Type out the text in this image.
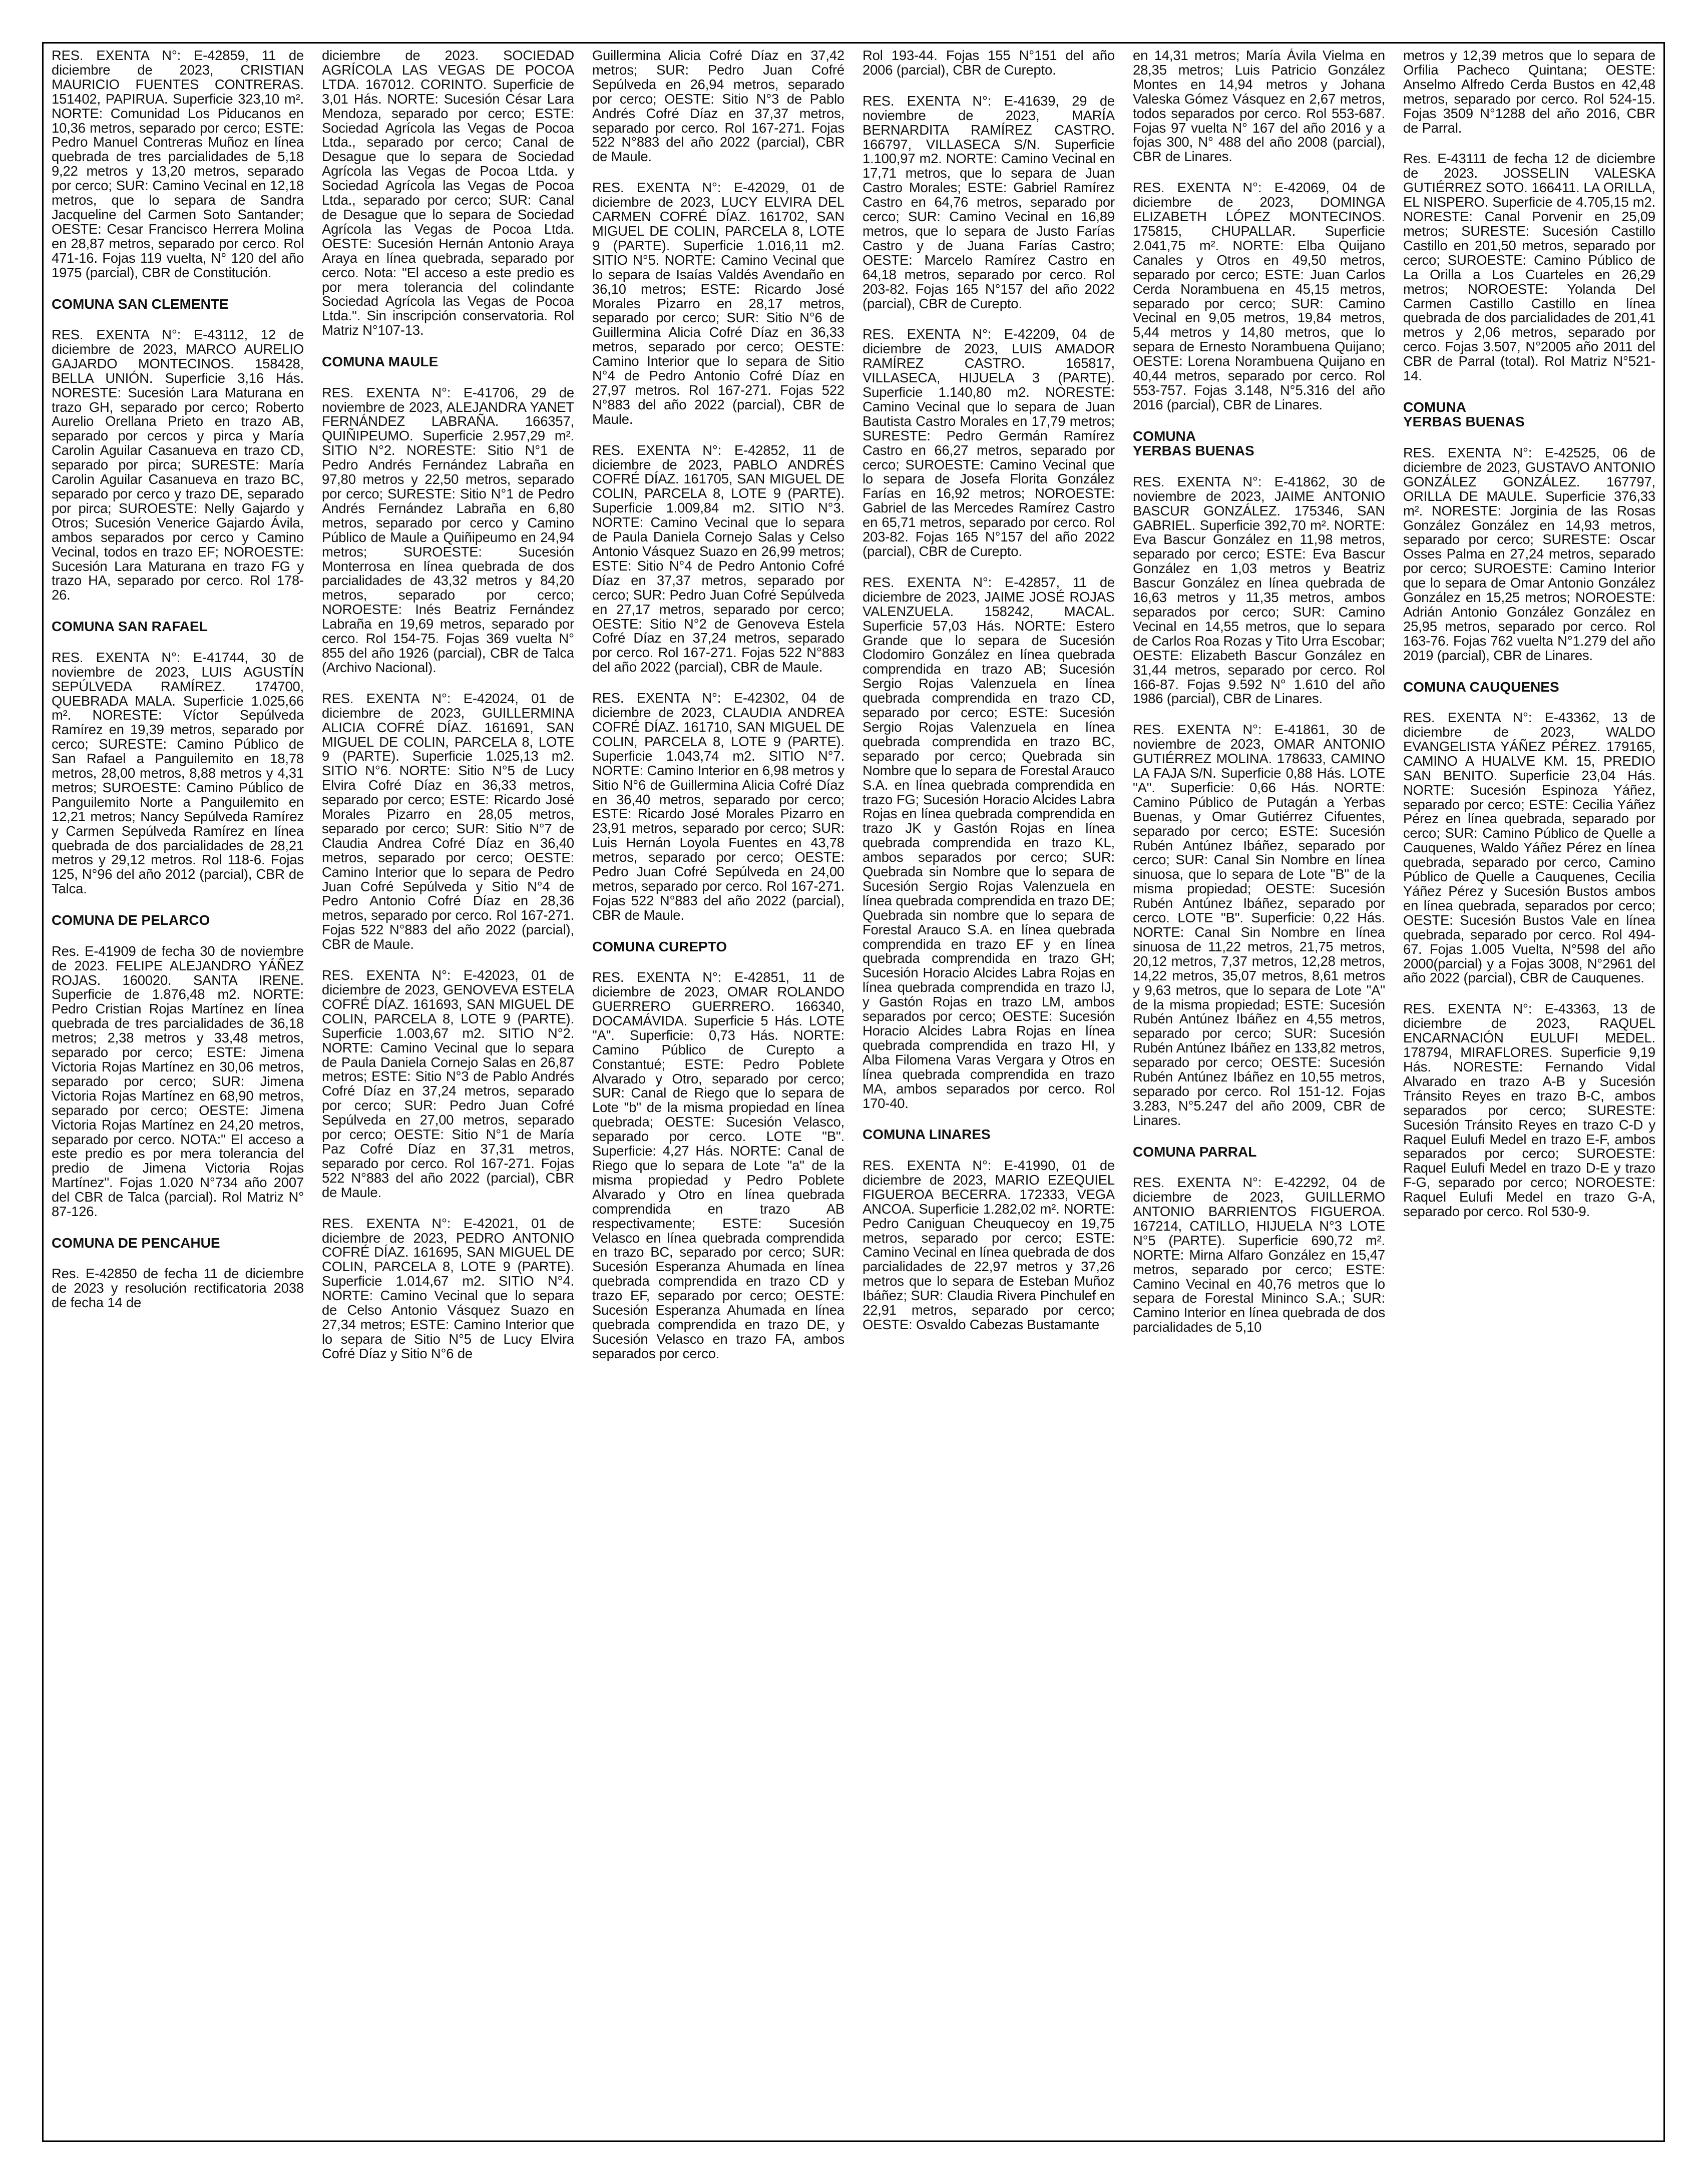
RES. EXENTA N°: E-42859, 11 de diciembre de 2023, CRISTIAN MAURICIO FUENTES CONTRERAS. 151402, PAPIRUA. Superficie 323,10 m². NORTE: Comunidad Los Piducanos en 10,36 metros, separado por cerco; ESTE: Pedro Manuel Contreras Muñoz en línea quebrada de tres parcialidades de 5,18 9,22 metros y 13,20 metros, separado por cerco; SUR: Camino Vecinal en 12,18 metros, que lo separa de Sandra Jacqueline del Carmen Soto Santander; OESTE: Cesar Francisco Herrera Molina en 28,87 metros, separado por cerco. Rol 471-16. Fojas 119 vuelta, N° 120 del año 1975 (parcial), CBR de Constitución.
COMUNA SAN CLEMENTE
RES. EXENTA N°: E-43112, 12 de diciembre de 2023, MARCO AURELIO GAJARDO MONTECINOS. 158428, BELLA UNIÓN. Superficie 3,16 Hás. NORESTE: Sucesión Lara Maturana en trazo GH, separado por cerco; Roberto Aurelio Orellana Prieto en trazo AB, separado por cercos y pirca y María Carolin Aguilar Casanueva en trazo CD, separado por pirca; SURESTE: María Carolin Aguilar Casanueva en trazo BC, separado por cerco y trazo DE, separado por pirca; SUROESTE: Nelly Gajardo y Otros; Sucesión Venerice Gajardo Ávila, ambos separados por cerco y Camino Vecinal, todos en trazo EF; NOROESTE: Sucesión Lara Maturana en trazo FG y trazo HA, separado por cerco. Rol 178-26.
COMUNA SAN RAFAEL
RES. EXENTA N°: E-41744, 30 de noviembre de 2023, LUIS AGUSTÍN SEPÚLVEDA RAMÍREZ. 174700, QUEBRADA MALA. Superficie 1.025,66 m². NORESTE: Víctor Sepúlveda Ramírez en 19,39 metros, separado por cerco; SURESTE: Camino Público de San Rafael a Panguilemito en 18,78 metros, 28,00 metros, 8,88 metros y 4,31 metros; SUROESTE: Camino Público de Panguilemito Norte a Panguilemito en 12,21 metros; Nancy Sepúlveda Ramírez y Carmen Sepúlveda Ramírez en línea quebrada de dos parcialidades de 28,21 metros y 29,12 metros. Rol 118-6. Fojas 125, N°96 del año 2012 (parcial), CBR de Talca.
COMUNA DE PELARCO
Res. E-41909 de fecha 30 de noviembre de 2023. FELIPE ALEJANDRO YÁÑEZ ROJAS. 160020. SANTA IRENE. Superficie de 1.876,48 m2. NORTE: Pedro Cristian Rojas Martínez en línea quebrada de tres parcialidades de 36,18 metros; 2,38 metros y 33,48 metros, separado por cerco; ESTE: Jimena Victoria Rojas Martínez en 30,06 metros, separado por cerco; SUR: Jimena Victoria Rojas Martínez en 68,90 metros, separado por cerco; OESTE: Jimena Victoria Rojas Martínez en 24,20 metros, separado por cerco. NOTA:" El acceso a este predio es por mera tolerancia del predio de Jimena Victoria Rojas Martínez". Fojas 1.020 N°734 año 2007 del CBR de Talca (parcial). Rol Matriz N° 87-126.
COMUNA DE PENCAHUE
Res. E-42850 de fecha 11 de diciembre de 2023 y resolución rectificatoria 2038 de fecha 14 de
diciembre de 2023. SOCIEDAD AGRÍCOLA LAS VEGAS DE POCOA LTDA. 167012. CORINTO. Superficie de 3,01 Hás. NORTE: Sucesión César Lara Mendoza, separado por cerco; ESTE: Sociedad Agrícola las Vegas de Pocoa Ltda., separado por cerco; Canal de Desague que lo separa de Sociedad Agrícola las Vegas de Pocoa Ltda. y Sociedad Agrícola las Vegas de Pocoa Ltda., separado por cerco; SUR: Canal de Desague que lo separa de Sociedad Agrícola las Vegas de Pocoa Ltda. OESTE: Sucesión Hernán Antonio Araya Araya en línea quebrada, separado por cerco. Nota: "El acceso a este predio es por mera tolerancia del colindante Sociedad Agrícola las Vegas de Pocoa Ltda.". Sin inscripción conservatoria. Rol Matriz N°107-13.
COMUNA MAULE
RES. EXENTA N°: E-41706, 29 de noviembre de 2023, ALEJANDRA YANET FERNÁNDEZ LABRAÑA. 166357, QUIÑIPEUMO. Superficie 2.957,29 m². SITIO N°2. NORESTE: Sitio N°1 de Pedro Andrés Fernández Labraña en 97,80 metros y 22,50 metros, separado por cerco; SURESTE: Sitio N°1 de Pedro Andrés Fernández Labraña en 6,80 metros, separado por cerco y Camino Público de Maule a Quiñipeumo en 24,94 metros; SUROESTE: Sucesión Monterrosa en línea quebrada de dos parcialidades de 43,32 metros y 84,20 metros, separado por cerco; NOROESTE: Inés Beatriz Fernández Labraña en 19,69 metros, separado por cerco. Rol 154-75. Fojas 369 vuelta N° 855 del año 1926 (parcial), CBR de Talca (Archivo Nacional).
RES. EXENTA N°: E-42024, 01 de diciembre de 2023, GUILLERMINA ALICIA COFRÉ DÍAZ. 161691, SAN MIGUEL DE COLIN, PARCELA 8, LOTE 9 (PARTE). Superficie 1.025,13 m2. SITIO N°6. NORTE: Sitio N°5 de Lucy Elvira Cofré Díaz en 36,33 metros, separado por cerco; ESTE: Ricardo José Morales Pizarro en 28,05 metros, separado por cerco; SUR: Sitio N°7 de Claudia Andrea Cofré Díaz en 36,40 metros, separado por cerco; OESTE: Camino Interior que lo separa de Pedro Juan Cofré Sepúlveda y Sitio N°4 de Pedro Antonio Cofré Díaz en 28,36 metros, separado por cerco. Rol 167-271. Fojas 522 N°883 del año 2022 (parcial), CBR de Maule.
RES. EXENTA N°: E-42023, 01 de diciembre de 2023, GENOVEVA ESTELA COFRÉ DÍAZ. 161693, SAN MIGUEL DE COLIN, PARCELA 8, LOTE 9 (PARTE). Superficie 1.003,67 m2. SITIO N°2. NORTE: Camino Vecinal que lo separa de Paula Daniela Cornejo Salas en 26,87 metros; ESTE: Sitio N°3 de Pablo Andrés Cofré Díaz en 37,24 metros, separado por cerco; SUR: Pedro Juan Cofré Sepúlveda en 27,00 metros, separado por cerco; OESTE: Sitio N°1 de María Paz Cofré Díaz en 37,31 metros, separado por cerco. Rol 167-271. Fojas 522 N°883 del año 2022 (parcial), CBR de Maule.
RES. EXENTA N°: E-42021, 01 de diciembre de 2023, PEDRO ANTONIO COFRÉ DÍAZ. 161695, SAN MIGUEL DE COLIN, PARCELA 8, LOTE 9 (PARTE). Superficie 1.014,67 m2. SITIO N°4. NORTE: Camino Vecinal que lo separa de Celso Antonio Vásquez Suazo en 27,34 metros; ESTE: Camino Interior que lo separa de Sitio N°5 de Lucy Elvira Cofré Díaz y Sitio N°6 de
Guillermina Alicia Cofré Díaz en 37,42 metros; SUR: Pedro Juan Cofré Sepúlveda en 26,94 metros, separado por cerco; OESTE: Sitio N°3 de Pablo Andrés Cofré Díaz en 37,37 metros, separado por cerco. Rol 167-271. Fojas 522 N°883 del año 2022 (parcial), CBR de Maule.
RES. EXENTA N°: E-42029, 01 de diciembre de 2023, LUCY ELVIRA DEL CARMEN COFRÉ DÍAZ. 161702, SAN MIGUEL DE COLIN, PARCELA 8, LOTE 9 (PARTE). Superficie 1.016,11 m2. SITIO N°5. NORTE: Camino Vecinal que lo separa de Isaías Valdés Avendaño en 36,10 metros; ESTE: Ricardo José Morales Pizarro en 28,17 metros, separado por cerco; SUR: Sitio N°6 de Guillermina Alicia Cofré Díaz en 36,33 metros, separado por cerco; OESTE: Camino Interior que lo separa de Sitio N°4 de Pedro Antonio Cofré Díaz en 27,97 metros. Rol 167-271. Fojas 522 N°883 del año 2022 (parcial), CBR de Maule.
RES. EXENTA N°: E-42852, 11 de diciembre de 2023, PABLO ANDRÉS COFRÉ DÍAZ. 161705, SAN MIGUEL DE COLIN, PARCELA 8, LOTE 9 (PARTE). Superficie 1.009,84 m2. SITIO N°3. NORTE: Camino Vecinal que lo separa de Paula Daniela Cornejo Salas y Celso Antonio Vásquez Suazo en 26,99 metros; ESTE: Sitio N°4 de Pedro Antonio Cofré Díaz en 37,37 metros, separado por cerco; SUR: Pedro Juan Cofré Sepúlveda en 27,17 metros, separado por cerco; OESTE: Sitio N°2 de Genoveva Estela Cofré Díaz en 37,24 metros, separado por cerco. Rol 167-271. Fojas 522 N°883 del año 2022 (parcial), CBR de Maule.
RES. EXENTA N°: E-42302, 04 de diciembre de 2023, CLAUDIA ANDREA COFRÉ DÍAZ. 161710, SAN MIGUEL DE COLIN, PARCELA 8, LOTE 9 (PARTE). Superficie 1.043,74 m2. SITIO N°7. NORTE: Camino Interior en 6,98 metros y Sitio N°6 de Guillermina Alicia Cofré Díaz en 36,40 metros, separado por cerco; ESTE: Ricardo José Morales Pizarro en 23,91 metros, separado por cerco; SUR: Luis Hernán Loyola Fuentes en 43,78 metros, separado por cerco; OESTE: Pedro Juan Cofré Sepúlveda en 24,00 metros, separado por cerco. Rol 167-271. Fojas 522 N°883 del año 2022 (parcial), CBR de Maule.
COMUNA CUREPTO
RES. EXENTA N°: E-42851, 11 de diciembre de 2023, OMAR ROLANDO GUERRERO GUERRERO. 166340, DOCAMÁVIDA. Superficie 5 Hás. LOTE "A". Superficie: 0,73 Hás. NORTE: Camino Público de Curepto a Constantué; ESTE: Pedro Poblete Alvarado y Otro, separado por cerco; SUR: Canal de Riego que lo separa de Lote "b" de la misma propiedad en línea quebrada; OESTE: Sucesión Velasco, separado por cerco. LOTE "B". Superficie: 4,27 Hás. NORTE: Canal de Riego que lo separa de Lote "a" de la misma propiedad y Pedro Poblete Alvarado y Otro en línea quebrada comprendida en trazo AB respectivamente; ESTE: Sucesión Velasco en línea quebrada comprendida en trazo BC, separado por cerco; SUR: Sucesión Esperanza Ahumada en línea quebrada comprendida en trazo CD y trazo EF, separado por cerco; OESTE: Sucesión Esperanza Ahumada en línea quebrada comprendida en trazo DE, y Sucesión Velasco en trazo FA, ambos separados por cerco.
Rol 193-44. Fojas 155 N°151 del año 2006 (parcial), CBR de Curepto.
RES. EXENTA N°: E-41639, 29 de noviembre de 2023, MARÍA BERNARDITA RAMÍREZ CASTRO. 166797, VILLASECA S/N. Superficie 1.100,97 m2. NORTE: Camino Vecinal en 17,71 metros, que lo separa de Juan Castro Morales; ESTE: Gabriel Ramírez Castro en 64,76 metros, separado por cerco; SUR: Camino Vecinal en 16,89 metros, que lo separa de Justo Farías Castro y de Juana Farías Castro; OESTE: Marcelo Ramírez Castro en 64,18 metros, separado por cerco. Rol 203-82. Fojas 165 N°157 del año 2022 (parcial), CBR de Curepto.
RES. EXENTA N°: E-42209, 04 de diciembre de 2023, LUIS AMADOR RAMÍREZ CASTRO. 165817, VILLASECA, HIJUELA 3 (PARTE). Superficie 1.140,80 m2. NORESTE: Camino Vecinal que lo separa de Juan Bautista Castro Morales en 17,79 metros; SURESTE: Pedro Germán Ramírez Castro en 66,27 metros, separado por cerco; SUROESTE: Camino Vecinal que lo separa de Josefa Florita González Farías en 16,92 metros; NOROESTE: Gabriel de las Mercedes Ramírez Castro en 65,71 metros, separado por cerco. Rol 203-82. Fojas 165 N°157 del año 2022 (parcial), CBR de Curepto.
RES. EXENTA N°: E-42857, 11 de diciembre de 2023, JAIME JOSÉ ROJAS VALENZUELA. 158242, MACAL. Superficie 57,03 Hás. NORTE: Estero Grande que lo separa de Sucesión Clodomiro González en línea quebrada comprendida en trazo AB; Sucesión Sergio Rojas Valenzuela en línea quebrada comprendida en trazo CD, separado por cerco; ESTE: Sucesión Sergio Rojas Valenzuela en línea quebrada comprendida en trazo BC, separado por cerco; Quebrada sin Nombre que lo separa de Forestal Arauco S.A. en línea quebrada comprendida en trazo FG; Sucesión Horacio Alcides Labra Rojas en línea quebrada comprendida en trazo JK y Gastón Rojas en línea quebrada comprendida en trazo KL, ambos separados por cerco; SUR: Quebrada sin Nombre que lo separa de Sucesión Sergio Rojas Valenzuela en línea quebrada comprendida en trazo DE; Quebrada sin nombre que lo separa de Forestal Arauco S.A. en línea quebrada comprendida en trazo EF y en línea quebrada comprendida en trazo GH; Sucesión Horacio Alcides Labra Rojas en línea quebrada comprendida en trazo IJ, y Gastón Rojas en trazo LM, ambos separados por cerco; OESTE: Sucesión Horacio Alcides Labra Rojas en línea quebrada comprendida en trazo HI, y Alba Filomena Varas Vergara y Otros en línea quebrada comprendida en trazo MA, ambos separados por cerco. Rol 170-40.
COMUNA LINARES
RES. EXENTA N°: E-41990, 01 de diciembre de 2023, MARIO EZEQUIEL FIGUEROA BECERRA. 172333, VEGA ANCOA. Superficie 1.282,02 m². NORTE: Pedro Caniguan Cheuquecoy en 19,75 metros, separado por cerco; ESTE: Camino Vecinal en línea quebrada de dos parcialidades de 22,97 metros y 37,26 metros que lo separa de Esteban Muñoz Ibáñez; SUR: Claudia Rivera Pinchulef en 22,91 metros, separado por cerco; OESTE: Osvaldo Cabezas Bustamante
en 14,31 metros; María Ávila Vielma en 28,35 metros; Luis Patricio González Montes en 14,94 metros y Johana Valeska Gómez Vásquez en 2,67 metros, todos separados por cerco. Rol 553-687. Fojas 97 vuelta N° 167 del año 2016 y a fojas 300, N° 488 del año 2008 (parcial), CBR de Linares.
RES. EXENTA N°: E-42069, 04 de diciembre de 2023, DOMINGA ELIZABETH LÓPEZ MONTECINOS. 175815, CHUPALLAR. Superficie 2.041,75 m². NORTE: Elba Quijano Canales y Otros en 49,50 metros, separado por cerco; ESTE: Juan Carlos Cerda Norambuena en 45,15 metros, separado por cerco; SUR: Camino Vecinal en 9,05 metros, 19,84 metros, 5,44 metros y 14,80 metros, que lo separa de Ernesto Norambuena Quijano; OESTE: Lorena Norambuena Quijano en 40,44 metros, separado por cerco. Rol 553-757. Fojas 3.148, N°5.316 del año 2016 (parcial), CBR de Linares.
COMUNA
YERBAS BUENAS
RES. EXENTA N°: E-41862, 30 de noviembre de 2023, JAIME ANTONIO BASCUR GONZÁLEZ. 175346, SAN GABRIEL. Superficie 392,70 m². NORTE: Eva Bascur González en 11,98 metros, separado por cerco; ESTE: Eva Bascur González en 1,03 metros y Beatriz Bascur González en línea quebrada de 16,63 metros y 11,35 metros, ambos separados por cerco; SUR: Camino Vecinal en 14,55 metros, que lo separa de Carlos Roa Rozas y Tito Urra Escobar; OESTE: Elizabeth Bascur González en 31,44 metros, separado por cerco. Rol 166-87. Fojas 9.592 N° 1.610 del año 1986 (parcial), CBR de Linares.
RES. EXENTA N°: E-41861, 30 de noviembre de 2023, OMAR ANTONIO GUTIÉRREZ MOLINA. 178633, CAMINO LA FAJA S/N. Superficie 0,88 Hás. LOTE "A". Superficie: 0,66 Hás. NORTE: Camino Público de Putagán a Yerbas Buenas, y Omar Gutiérrez Cifuentes, separado por cerco; ESTE: Sucesión Rubén Antúnez Ibáñez, separado por cerco; SUR: Canal Sin Nombre en línea sinuosa, que lo separa de Lote "B" de la misma propiedad; OESTE: Sucesión Rubén Antúnez Ibáñez, separado por cerco. LOTE "B". Superficie: 0,22 Hás. NORTE: Canal Sin Nombre en línea sinuosa de 11,22 metros, 21,75 metros, 20,12 metros, 7,37 metros, 12,28 metros, 14,22 metros, 35,07 metros, 8,61 metros y 9,63 metros, que lo separa de Lote "A" de la misma propiedad; ESTE: Sucesión Rubén Antúnez Ibáñez en 4,55 metros, separado por cerco; SUR: Sucesión Rubén Antúnez Ibáñez en 133,82 metros, separado por cerco; OESTE: Sucesión Rubén Antúnez Ibáñez en 10,55 metros, separado por cerco. Rol 151-12. Fojas 3.283, N°5.247 del año 2009, CBR de Linares.
COMUNA PARRAL
RES. EXENTA N°: E-42292, 04 de diciembre de 2023, GUILLERMO ANTONIO BARRIENTOS FIGUEROA. 167214, CATILLO, HIJUELA N°3 LOTE N°5 (PARTE). Superficie 690,72 m². NORTE: Mirna Alfaro González en 15,47 metros, separado por cerco; ESTE: Camino Vecinal en 40,76 metros que lo separa de Forestal Mininco S.A.; SUR: Camino Interior en línea quebrada de dos parcialidades de 5,10
metros y 12,39 metros que lo separa de Orfilia Pacheco Quintana; OESTE: Anselmo Alfredo Cerda Bustos en 42,48 metros, separado por cerco. Rol 524-15. Fojas 3509 N°1288 del año 2016, CBR de Parral.
Res. E-43111 de fecha 12 de diciembre de 2023. JOSSELIN VALESKA GUTIÉRREZ SOTO. 166411. LA ORILLA, EL NISPERO. Superficie de 4.705,15 m2. NORESTE: Canal Porvenir en 25,09 metros; SURESTE: Sucesión Castillo Castillo en 201,50 metros, separado por cerco; SUROESTE: Camino Público de La Orilla a Los Cuarteles en 26,29 metros; NOROESTE: Yolanda Del Carmen Castillo Castillo en línea quebrada de dos parcialidades de 201,41 metros y 2,06 metros, separado por cerco. Fojas 3.507, N°2005 año 2011 del CBR de Parral (total). Rol Matriz N°521-14.
COMUNA
YERBAS BUENAS
RES. EXENTA N°: E-42525, 06 de diciembre de 2023, GUSTAVO ANTONIO GONZÁLEZ GONZÁLEZ. 167797, ORILLA DE MAULE. Superficie 376,33 m². NORESTE: Jorginia de las Rosas González González en 14,93 metros, separado por cerco; SURESTE: Oscar Osses Palma en 27,24 metros, separado por cerco; SUROESTE: Camino Interior que lo separa de Omar Antonio González González en 15,25 metros; NOROESTE: Adrián Antonio González González en 25,95 metros, separado por cerco. Rol 163-76. Fojas 762 vuelta N°1.279 del año 2019 (parcial), CBR de Linares.
COMUNA CAUQUENES
RES. EXENTA N°: E-43362, 13 de diciembre de 2023, WALDO EVANGELISTA YÁÑEZ PÉREZ. 179165, CAMINO A HUALVE KM. 15, PREDIO SAN BENITO. Superficie 23,04 Hás. NORTE: Sucesión Espinoza Yáñez, separado por cerco; ESTE: Cecilia Yáñez Pérez en línea quebrada, separado por cerco; SUR: Camino Público de Quelle a Cauquenes, Waldo Yáñez Pérez en línea quebrada, separado por cerco, Camino Público de Quelle a Cauquenes, Cecilia Yáñez Pérez y Sucesión Bustos ambos en línea quebrada, separados por cerco; OESTE: Sucesión Bustos Vale en línea quebrada, separado por cerco. Rol 494-67. Fojas 1.005 Vuelta, N°598 del año 2000(parcial) y a Fojas 3008, N°2961 del año 2022 (parcial), CBR de Cauquenes.
RES. EXENTA N°: E-43363, 13 de diciembre de 2023, RAQUEL ENCARNACIÓN EULUFI MEDEL. 178794, MIRAFLORES. Superficie 9,19 Hás. NORESTE: Fernando Vidal Alvarado en trazo A-B y Sucesión Tránsito Reyes en trazo B-C, ambos separados por cerco; SURESTE: Sucesión Tránsito Reyes en trazo C-D y Raquel Eulufi Medel en trazo E-F, ambos separados por cerco; SUROESTE: Raquel Eulufi Medel en trazo D-E y trazo F-G, separado por cerco; NOROESTE: Raquel Eulufi Medel en trazo G-A, separado por cerco. Rol 530-9.
